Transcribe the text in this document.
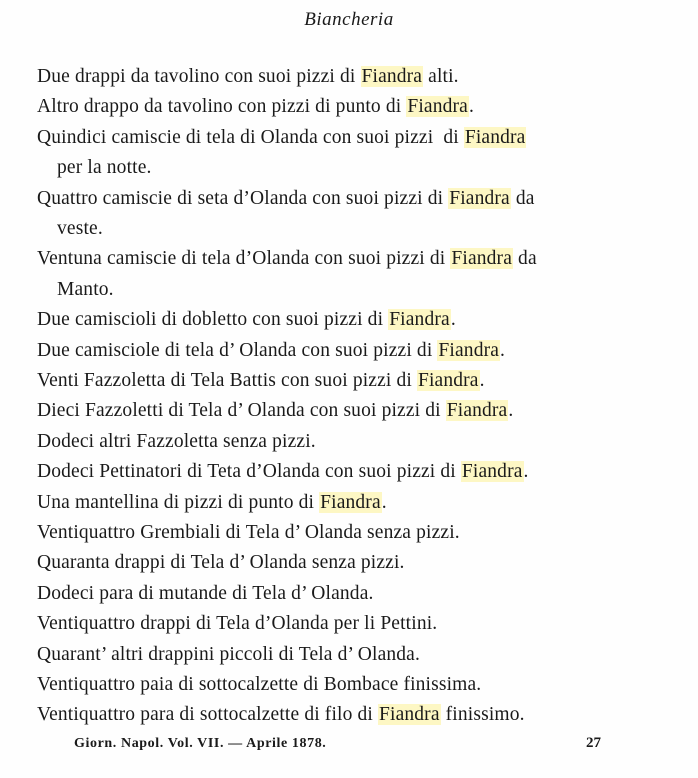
Biancheria
Due drappi da tavolino con suoi pizzi di Fiandra alti.
Altro drappo da tavolino con pizzi di punto di Fiandra.
Quindici camiscie di tela di Olanda con suoi pizzi  di Fiandra
per la notte.
Quattro camiscie di seta d’Olanda con suoi pizzi di Fiandra da
veste.
Ventuna camiscie di tela d’Olanda con suoi pizzi di Fiandra da
Manto.
Due camiscioli di dobletto con suoi pizzi di Fiandra.
Due camisciole di tela d’ Olanda con suoi pizzi di Fiandra.
Venti Fazzoletta di Tela Battis con suoi pizzi di Fiandra.
Dieci Fazzoletti di Tela d’ Olanda con suoi pizzi di Fiandra.
Dodeci altri Fazzoletta senza pizzi.
Dodeci Pettinatori di Teta d’Olanda con suoi pizzi di Fiandra.
Una mantellina di pizzi di punto di Fiandra.
Ventiquattro Grembiali di Tela d’ Olanda senza pizzi.
Quaranta drappi di Tela d’ Olanda senza pizzi.
Dodeci para di mutande di Tela d’ Olanda.
Ventiquattro drappi di Tela d’Olanda per li Pettini.
Quarant’ altri drappini piccoli di Tela d’ Olanda.
Ventiquattro paia di sottocalzette di Bombace finissima.
Ventiquattro para di sottocalzette di filo di Fiandra finissimo.
Giorn. Napol. Vol. VII. — Aprile 1878.	27
